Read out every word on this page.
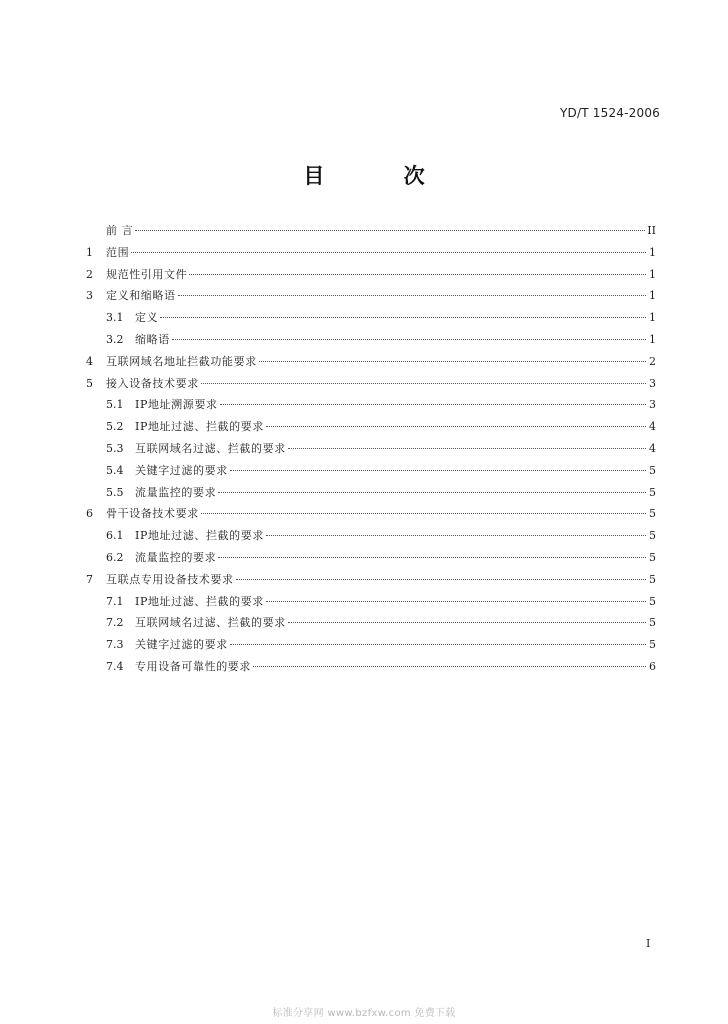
YD/T 1524-2006
目 次
前 言	II
1	范围	1
2	规范性引用文件	1
3	定义和缩略语	1
3.1	定义	1
3.2	缩略语	1
4	互联网域名地址拦截功能要求	2
5	接入设备技术要求	3
5.1	IP地址溯源要求	3
5.2	IP地址过滤、拦截的要求	4
5.3	互联网域名过滤、拦截的要求	4
5.4	关键字过滤的要求	5
5.5	流量监控的要求	5
6	骨干设备技术要求	5
6.1	IP地址过滤、拦截的要求	5
6.2	流量监控的要求	5
7	互联点专用设备技术要求	5
7.1	IP地址过滤、拦截的要求	5
7.2	互联网域名过滤、拦截的要求	5
7.3	关键字过滤的要求	5
7.4	专用设备可靠性的要求	6
I
标准分享网 www.bzfxw.com 免费下载
